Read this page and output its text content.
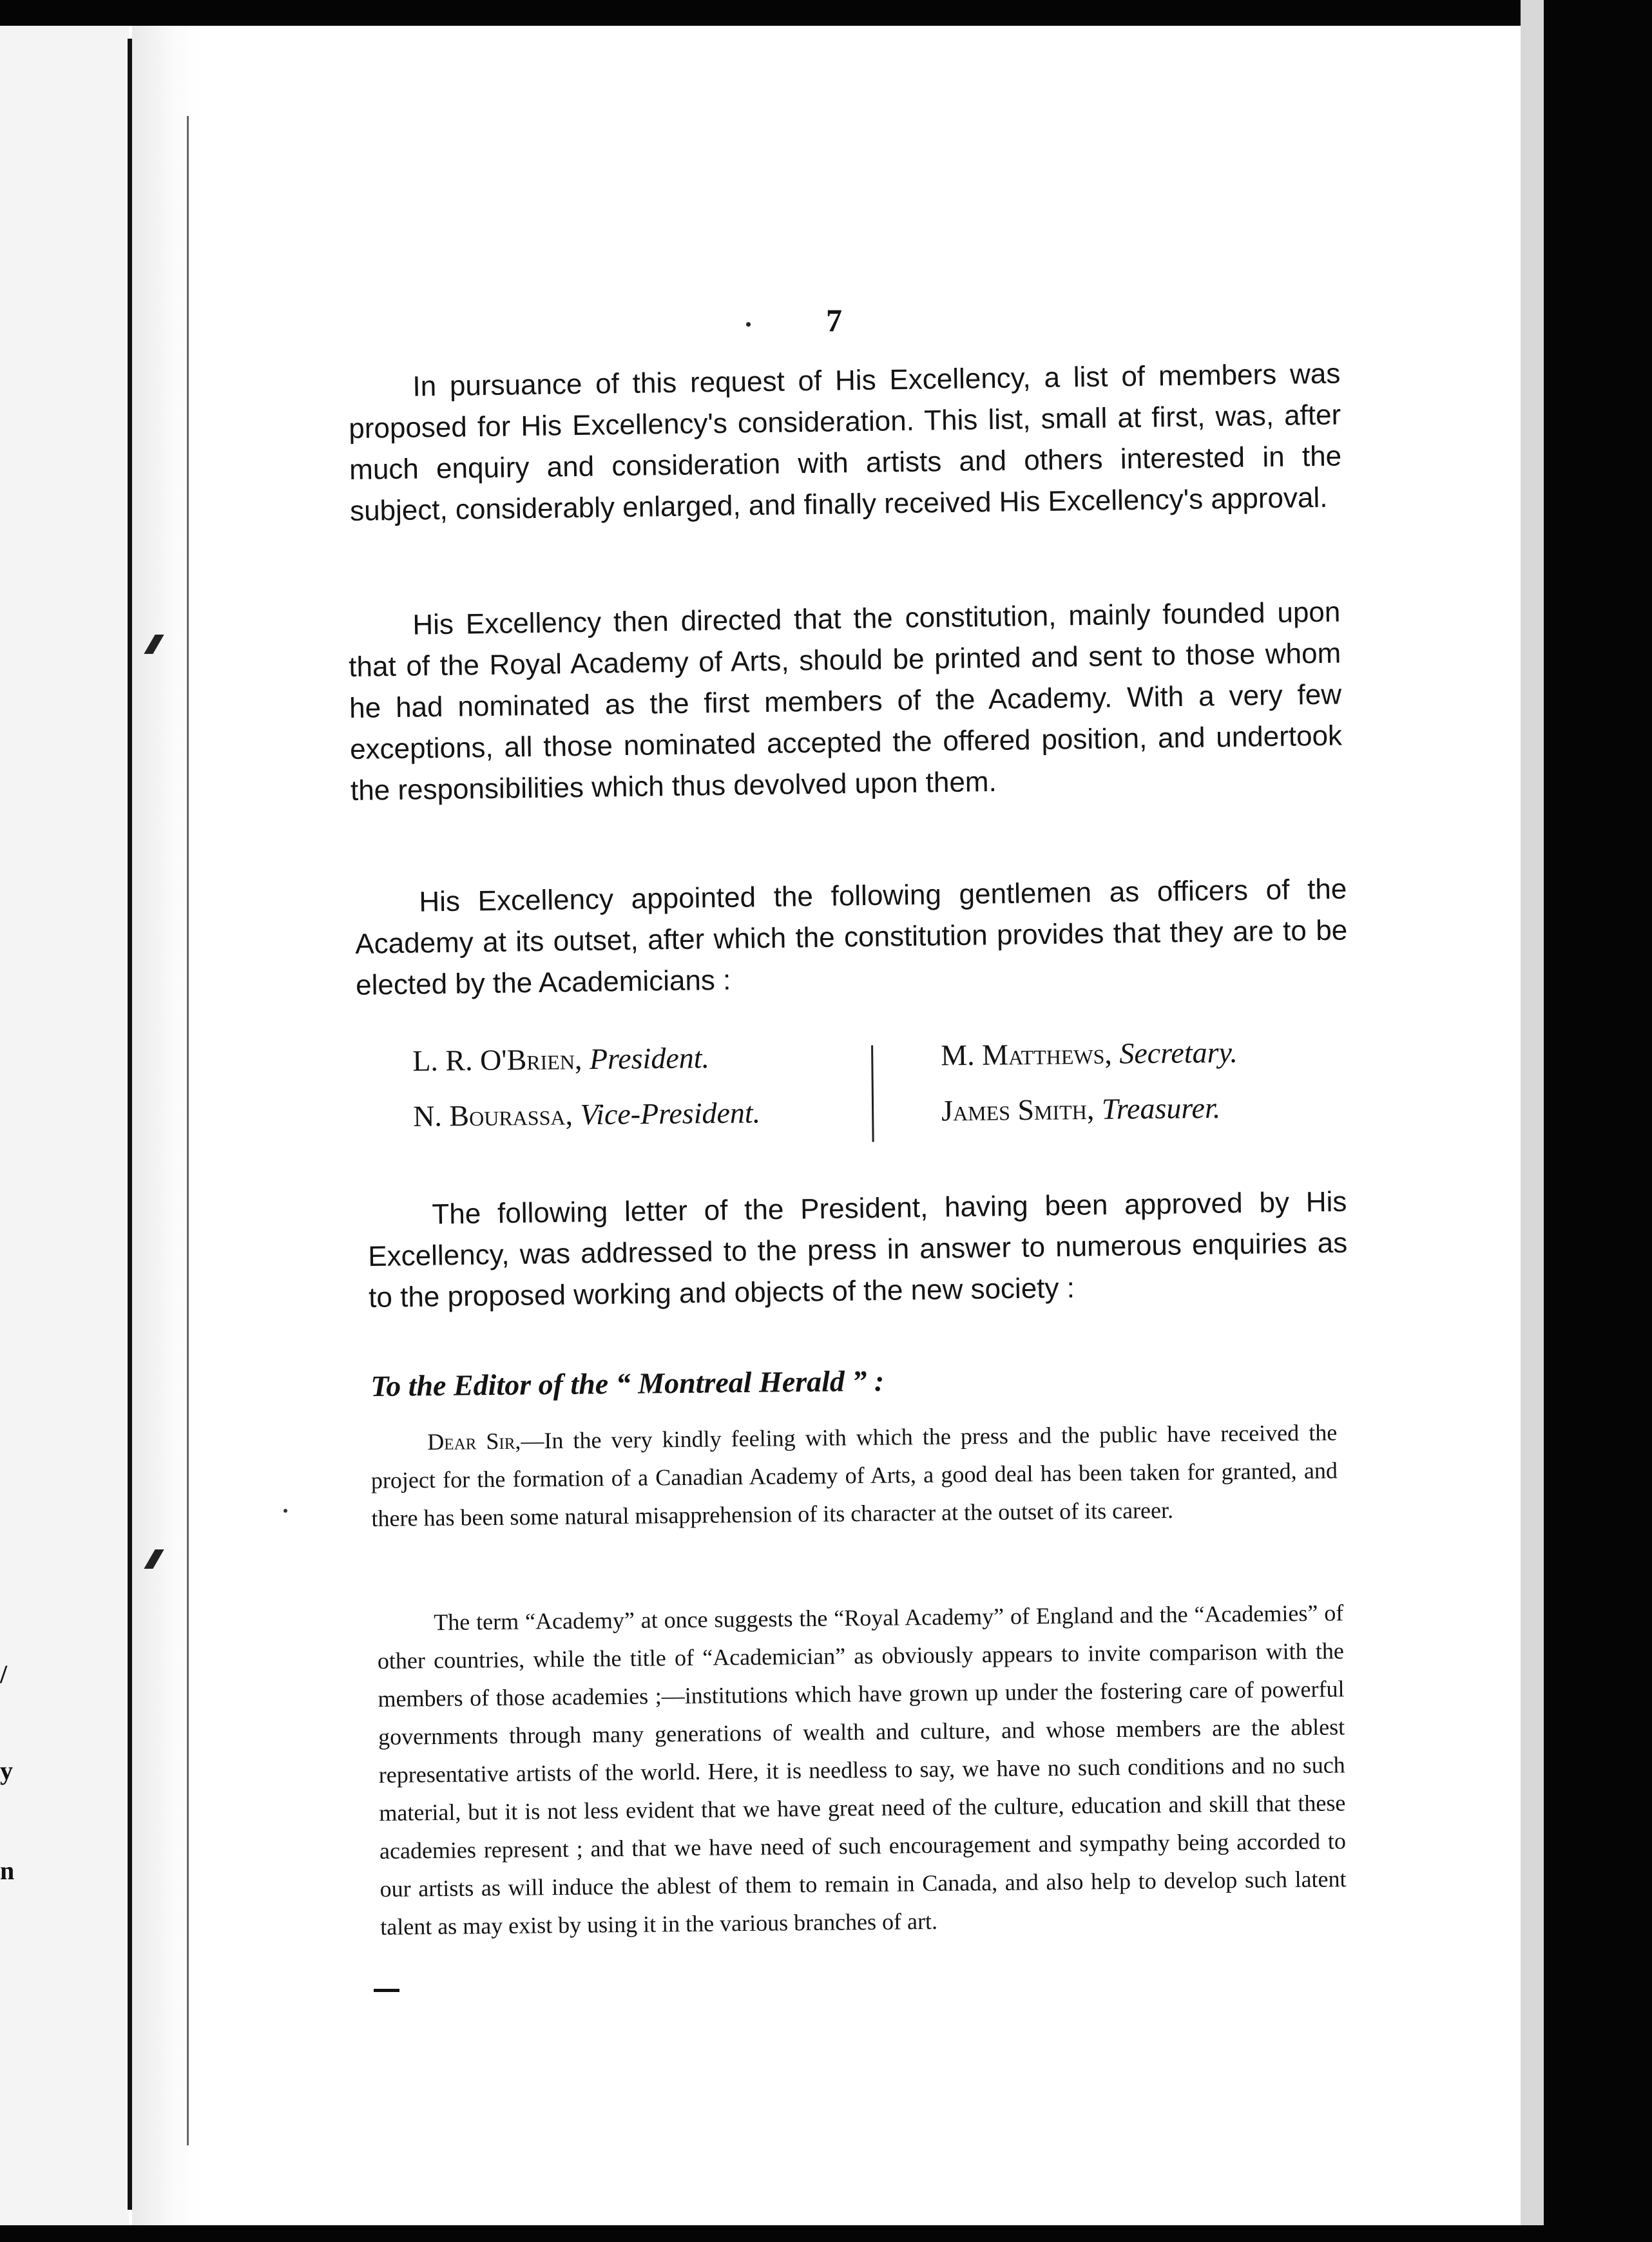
/
y
n
7

In pursuance of this request of His Excellency, a list of members was proposed for His Excellency's consideration. This list, small at first, was, after much enquiry and consideration with artists and others interested in the subject, considerably enlarged, and finally received His Excellency's approval.

His Excellency then directed that the constitution, mainly founded upon that of the Royal Academy of Arts, should be printed and sent to those whom he had nominated as the first members of the Academy. With a very few exceptions, all those nominated accepted the offered position, and undertook the responsibilities which thus devolved upon them.

His Excellency appointed the following gentlemen as officers of the Academy at its outset, after which the constitution provides that they are to be elected by the Academicians :

L. R. O'Brien, President.
N. Bourassa, Vice-President.
M. Matthews, Secretary.
James Smith, Treasurer.

The following letter of the President, having been approved by His Excellency, was addressed to the press in answer to numerous enquiries as to the proposed working and objects of the new society :

To the Editor of the “ Montreal Herald ” :

Dear Sir,—In the very kindly feeling with which the press and the public have received the project for the formation of a Canadian Academy of Arts, a good deal has been taken for granted, and there has been some natural misapprehension of its character at the outset of its career.

The term “Academy” at once suggests the “Royal Academy” of England and the “Academies” of other countries, while the title of “Academician” as obviously appears to invite comparison with the members of those academies ;—institutions which have grown up under the fostering care of powerful governments through many generations of wealth and culture, and whose members are the ablest representative artists of the world. Here, it is needless to say, we have no such conditions and no such material, but it is not less evident that we have great need of the culture, education and skill that these academies represent ; and that we have need of such encouragement and sympathy being accorded to our artists as will induce the ablest of them to remain in Canada, and also help to develop such latent talent as may exist by using it in the various branches of art.
